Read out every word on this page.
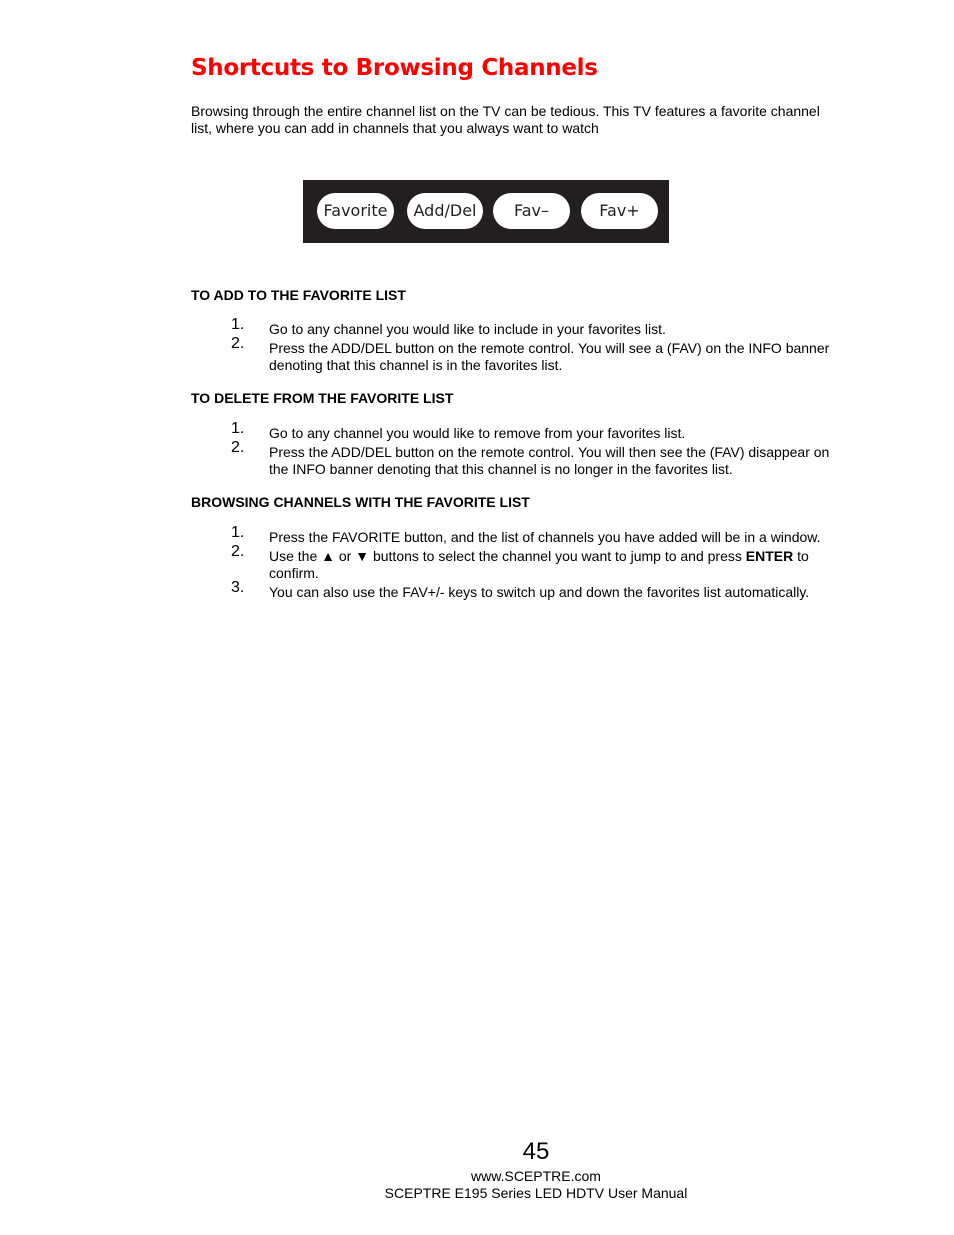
Shortcuts to Browsing Channels

Browsing through the entire channel list on the TV can be tedious. This TV features a favorite channel list, where you can add in channels that you always want to watch

Favorite	Add/Del	Fav–	Fav+
TO ADD TO THE FAVORITE LIST
1. Go to any channel you would like to include in your favorites list.
2. Press the ADD/DEL button on the remote control. You will see a (FAV) on the INFO banner denoting that this channel is in the favorites list.
TO DELETE FROM THE FAVORITE LIST
1. Go to any channel you would like to remove from your favorites list.
2. Press the ADD/DEL button on the remote control. You will then see the (FAV) disappear on the INFO banner denoting that this channel is no longer in the favorites list.
BROWSING CHANNELS WITH THE FAVORITE LIST
1. Press the FAVORITE button, and the list of channels you have added will be in a window.
2. Use the ▲ or ▼ buttons to select the channel you want to jump to and press ENTER to confirm.
3. You can also use the FAV+/- keys to switch up and down the favorites list automatically.

45

www.SCEPTRE.com

SCEPTRE E195 Series LED HDTV User Manual
